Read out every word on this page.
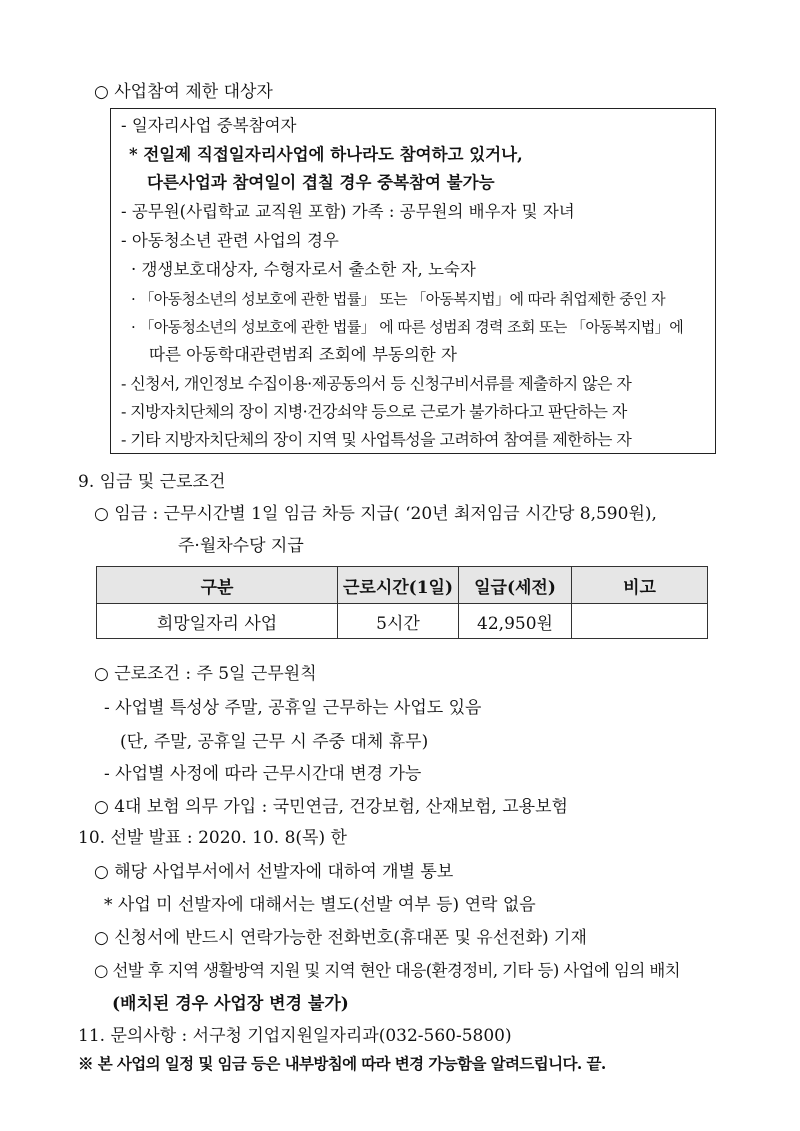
○ 사업참여 제한 대상자
- 일자리사업 중복참여자
* 전일제 직접일자리사업에 하나라도 참여하고 있거나,
다른사업과 참여일이 겹칠 경우 중복참여 불가능
- 공무원(사립학교 교직원 포함) 가족 : 공무원의 배우자 및 자녀
- 아동청소년 관련 사업의 경우
· 갱생보호대상자, 수형자로서 출소한 자, 노숙자
· 「아동청소년의 성보호에 관한 법률」 또는 「아동복지법」에 따라 취업제한 중인 자
· 「아동청소년의 성보호에 관한 법률」 에 따른 성범죄 경력 조회 또는 「아동복지법」에
따른 아동학대관련범죄 조회에 부동의한 자
- 신청서, 개인정보 수집이용·제공동의서 등 신청구비서류를 제출하지 않은 자
- 지방자치단체의 장이 지병·건강쇠약 등으로 근로가 불가하다고 판단하는 자
- 기타 지방자치단체의 장이 지역 및 사업특성을 고려하여 참여를 제한하는 자
9. 임금 및 근로조건
○ 임금 : 근무시간별 1일 임금 차등 지급( ‘20년 최저임금 시간당 8,590원),
주·월차수당 지급
구분	근로시간(1일)	일급(세전)	비고
희망일자리 사업	5시간	42,950원	
○ 근로조건 : 주 5일 근무원칙
- 사업별 특성상 주말, 공휴일 근무하는 사업도 있음
(단, 주말, 공휴일 근무 시 주중 대체 휴무)
- 사업별 사정에 따라 근무시간대 변경 가능
○ 4대 보험 의무 가입 : 국민연금, 건강보험, 산재보험, 고용보험
10. 선발 발표 : 2020. 10. 8(목) 한
○ 해당 사업부서에서 선발자에 대하여 개별 통보
* 사업 미 선발자에 대해서는 별도(선발 여부 등) 연락 없음
○ 신청서에 반드시 연락가능한 전화번호(휴대폰 및 유선전화) 기재
○ 선발 후 지역 생활방역 지원 및 지역 현안 대응(환경정비, 기타 등) 사업에 임의 배치
(배치된 경우 사업장 변경 불가)
11. 문의사항 : 서구청 기업지원일자리과(032-560-5800)
※ 본 사업의 일정 및 임금 등은 내부방침에 따라 변경 가능함을 알려드립니다. 끝.
